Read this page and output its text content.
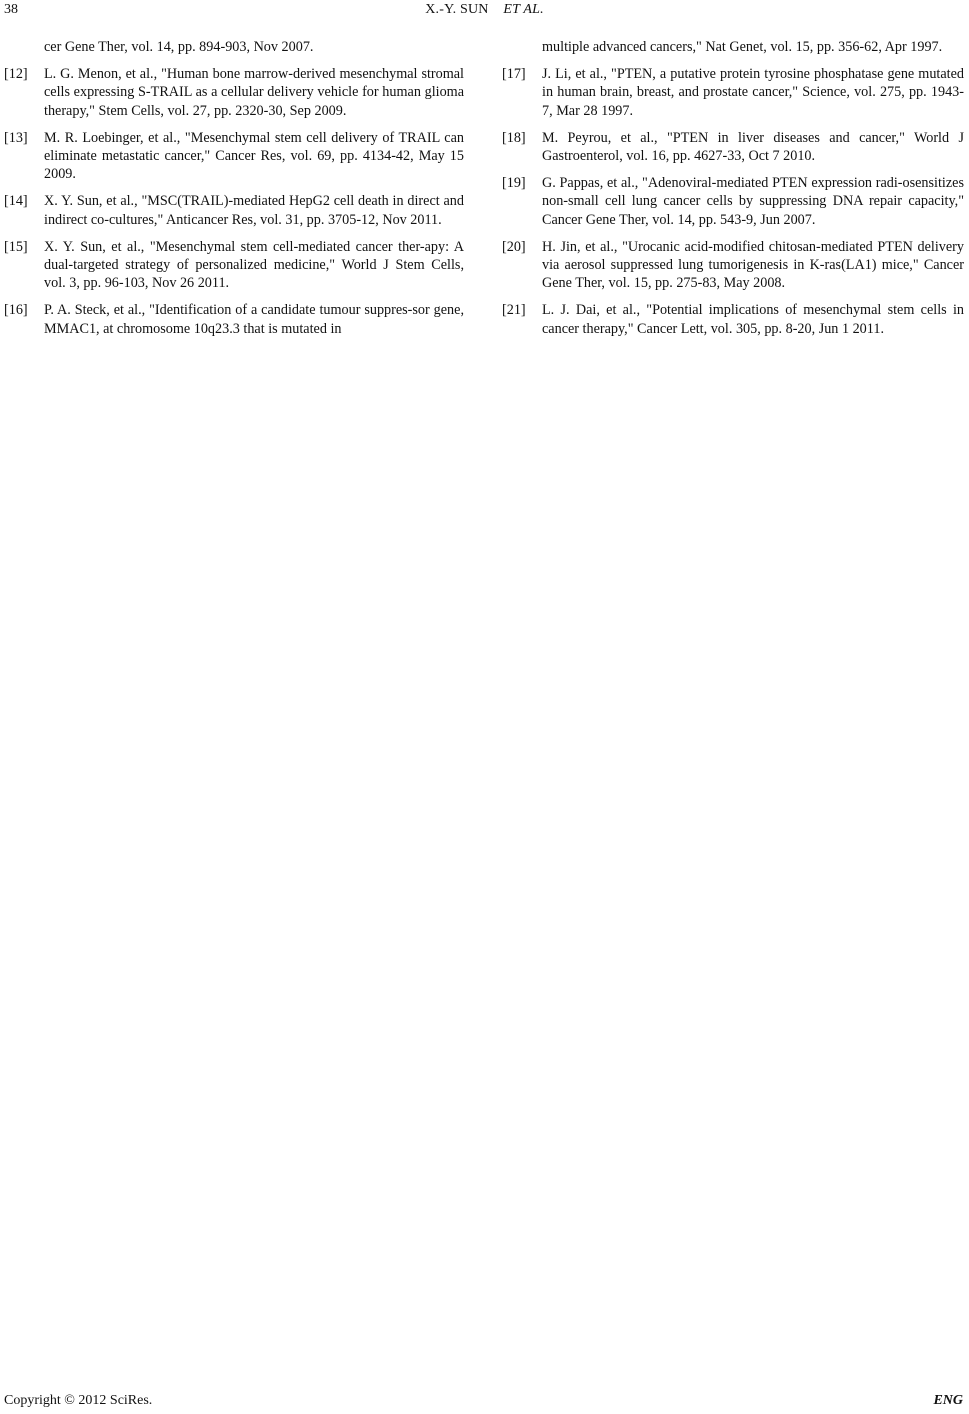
38	X.-Y. SUN ET AL.
cer Gene Ther, vol. 14, pp. 894-903, Nov 2007.
[12]	L. G. Menon, et al., "Human bone marrow-derived mesenchymal stromal cells expressing S-TRAIL as a cellular delivery vehicle for human glioma therapy," Stem Cells, vol. 27, pp. 2320-30, Sep 2009.
[13]	M. R. Loebinger, et al., "Mesenchymal stem cell delivery of TRAIL can eliminate metastatic cancer," Cancer Res, vol. 69, pp. 4134-42, May 15 2009.
[14]	X. Y. Sun, et al., "MSC(TRAIL)-mediated HepG2 cell death in direct and indirect co-cultures," Anticancer Res, vol. 31, pp. 3705-12, Nov 2011.
[15]	X. Y. Sun, et al., "Mesenchymal stem cell-mediated cancer ther-apy: A dual-targeted strategy of personalized medicine," World J Stem Cells, vol. 3, pp. 96-103, Nov 26 2011.
[16]	P. A. Steck, et al., "Identification of a candidate tumour suppres-sor gene, MMAC1, at chromosome 10q23.3 that is mutated in
multiple advanced cancers," Nat Genet, vol. 15, pp. 356-62, Apr 1997.
[17]	J. Li, et al., "PTEN, a putative protein tyrosine phosphatase gene mutated in human brain, breast, and prostate cancer," Science, vol. 275, pp. 1943-7, Mar 28 1997.
[18]	M. Peyrou, et al., "PTEN in liver diseases and cancer," World J Gastroenterol, vol. 16, pp. 4627-33, Oct 7 2010.
[19]	G. Pappas, et al., "Adenoviral-mediated PTEN expression radi-osensitizes non-small cell lung cancer cells by suppressing DNA repair capacity," Cancer Gene Ther, vol. 14, pp. 543-9, Jun 2007.
[20]	H. Jin, et al., "Urocanic acid-modified chitosan-mediated PTEN delivery via aerosol suppressed lung tumorigenesis in K-ras(LA1) mice," Cancer Gene Ther, vol. 15, pp. 275-83, May 2008.
[21]	L. J. Dai, et al., "Potential implications of mesenchymal stem cells in cancer therapy," Cancer Lett, vol. 305, pp. 8-20, Jun 1 2011.
Copyright © 2012 SciRes.	ENG
